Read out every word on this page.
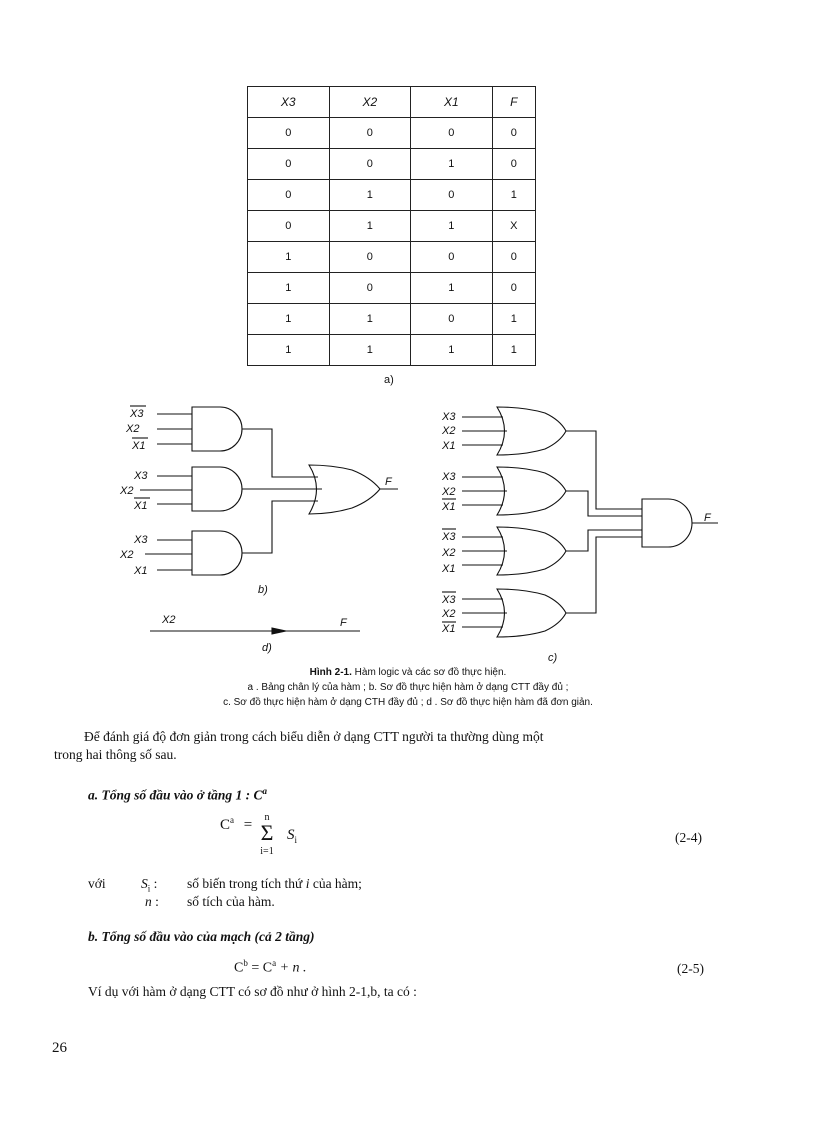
X3	X2	X1	F
0	0	0	0
0	0	1	0
0	1	0	1
0	1	1	X
1	0	0	0
1	0	1	0
1	1	0	1
1	1	1	1
a)
X3
X2
X1
X3
X2
X1
X3
X2
X1
F
b)
X2	F
d)
X3
X2
X1
X3
X2
X1
X3
X2
X1
X3
X2
X1
F
c)
Hình 2-1. Hàm logic và các sơ đồ thực hiện.
a . Bảng chân lý của hàm ; b. Sơ đồ thực hiện hàm ở dạng CTT đầy đủ ;
c. Sơ đồ thực hiện hàm ở dạng CTH đầy đủ ; d . Sơ đồ thực hiện hàm đã đơn giản.
Để đánh giá độ đơn giản trong cách biểu diễn ở dạng CTT người ta thường dùng một
trong hai thông số sau.
a. Tổng số đầu vào ở tầng 1 : $C^a$
$C^a$ =	n
Σ
i=1
$S_i$	(2-4)
với	$S_i$ : số biến trong tích thứ i của hàm;
n : số tích của hàm.
b. Tổng số đầu vào của mạch (cả 2 tầng)
$C^b = C^a + n$ .	(2-5)
Ví dụ với hàm ở dạng CTT có sơ đồ như ở hình 2-1,b, ta có :
26
